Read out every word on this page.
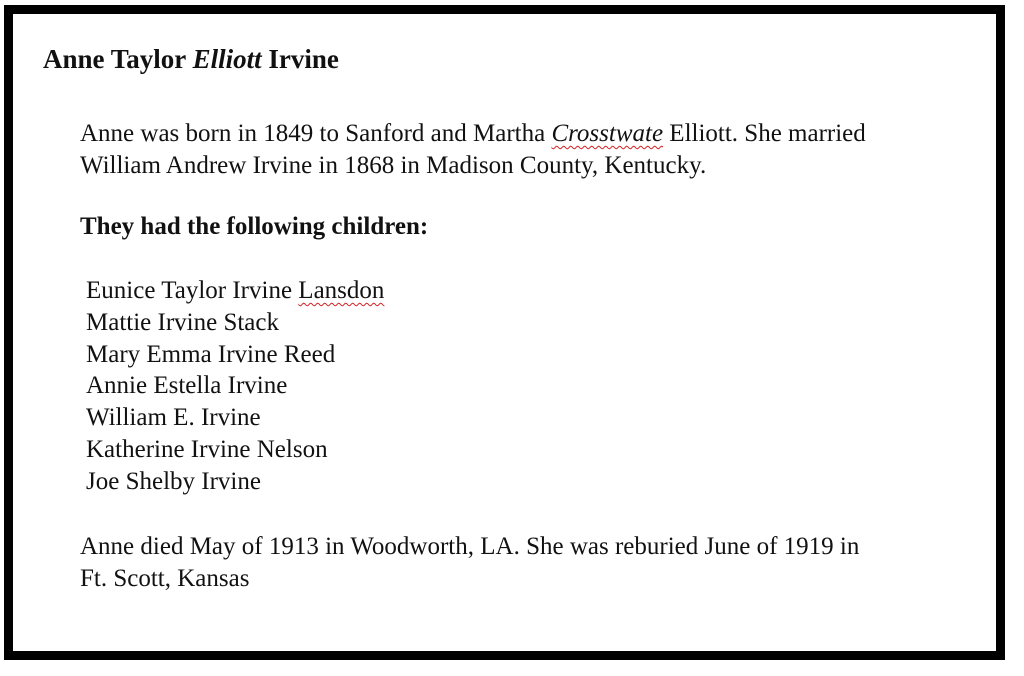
Anne Taylor Elliott Irvine

Anne was born in 1849 to Sanford and Martha Crosstwate Elliott. She married
William Andrew Irvine in 1868 in Madison County, Kentucky.

They had the following children:

Eunice Taylor Irvine Lansdon
Mattie Irvine Stack
Mary Emma Irvine Reed
Annie Estella Irvine
William E. Irvine
Katherine Irvine Nelson
Joe Shelby Irvine

Anne died May of 1913 in Woodworth, LA. She was reburied June of 1919 in
Ft. Scott, Kansas
